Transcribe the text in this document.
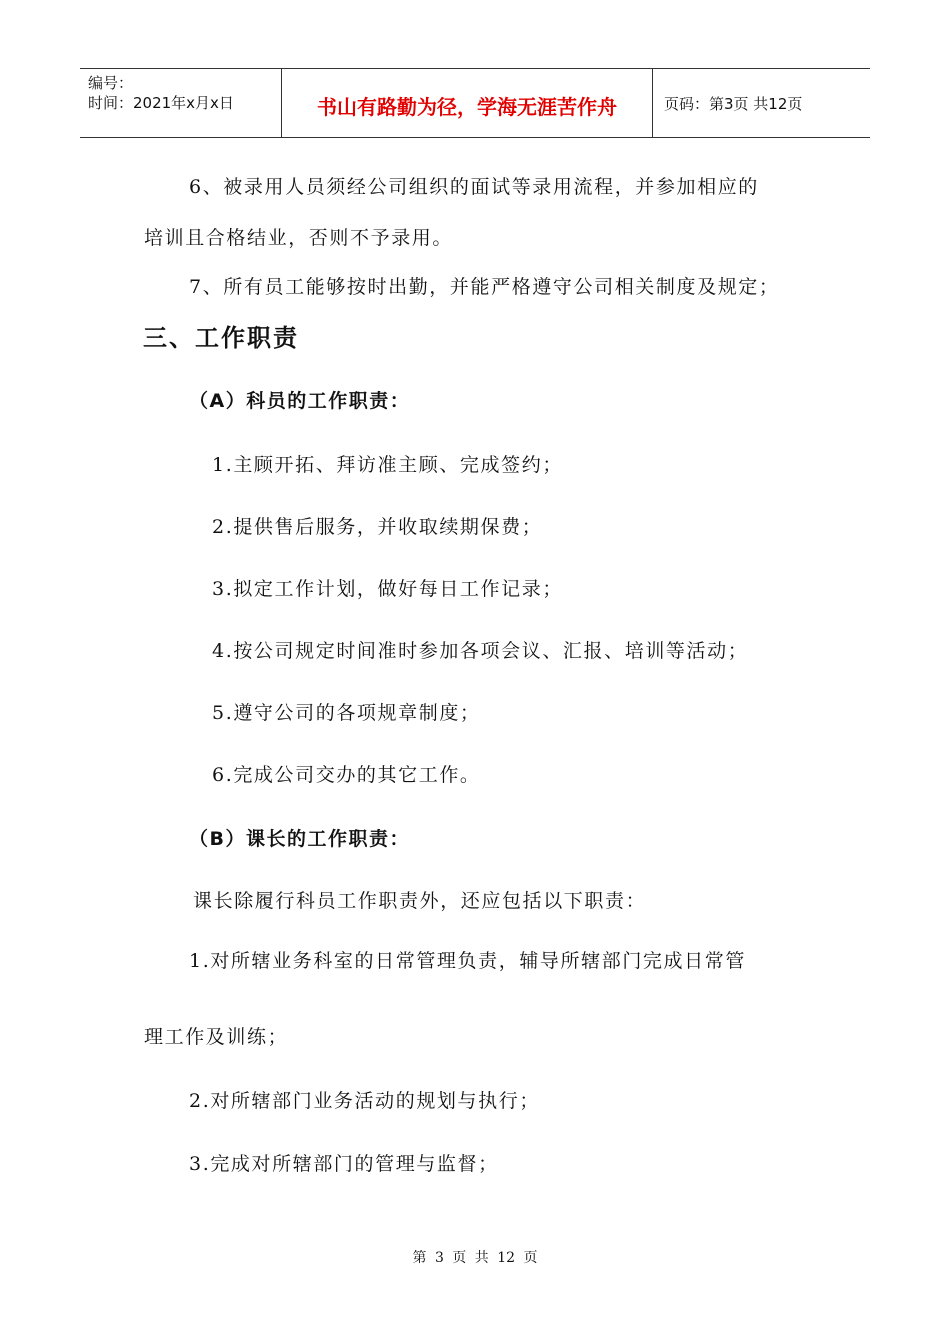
编号：
时间：2021年x月x日	书山有路勤为径，学海无涯苦作舟	页码：第3页 共12页
6、被录用人员须经公司组织的面试等录用流程，并参加相应的
培训且合格结业，否则不予录用。
7、所有员工能够按时出勤，并能严格遵守公司相关制度及规定；
三、工作职责
（A）科员的工作职责：
1.主顾开拓、拜访准主顾、完成签约；
2.提供售后服务，并收取续期保费；
3.拟定工作计划，做好每日工作记录；
4.按公司规定时间准时参加各项会议、汇报、培训等活动；
5.遵守公司的各项规章制度；
6.完成公司交办的其它工作。
（B）课长的工作职责：
课长除履行科员工作职责外，还应包括以下职责：
1.对所辖业务科室的日常管理负责，辅导所辖部门完成日常管
理工作及训练；
2.对所辖部门业务活动的规划与执行；
3.完成对所辖部门的管理与监督；
第 3 页 共 12 页
